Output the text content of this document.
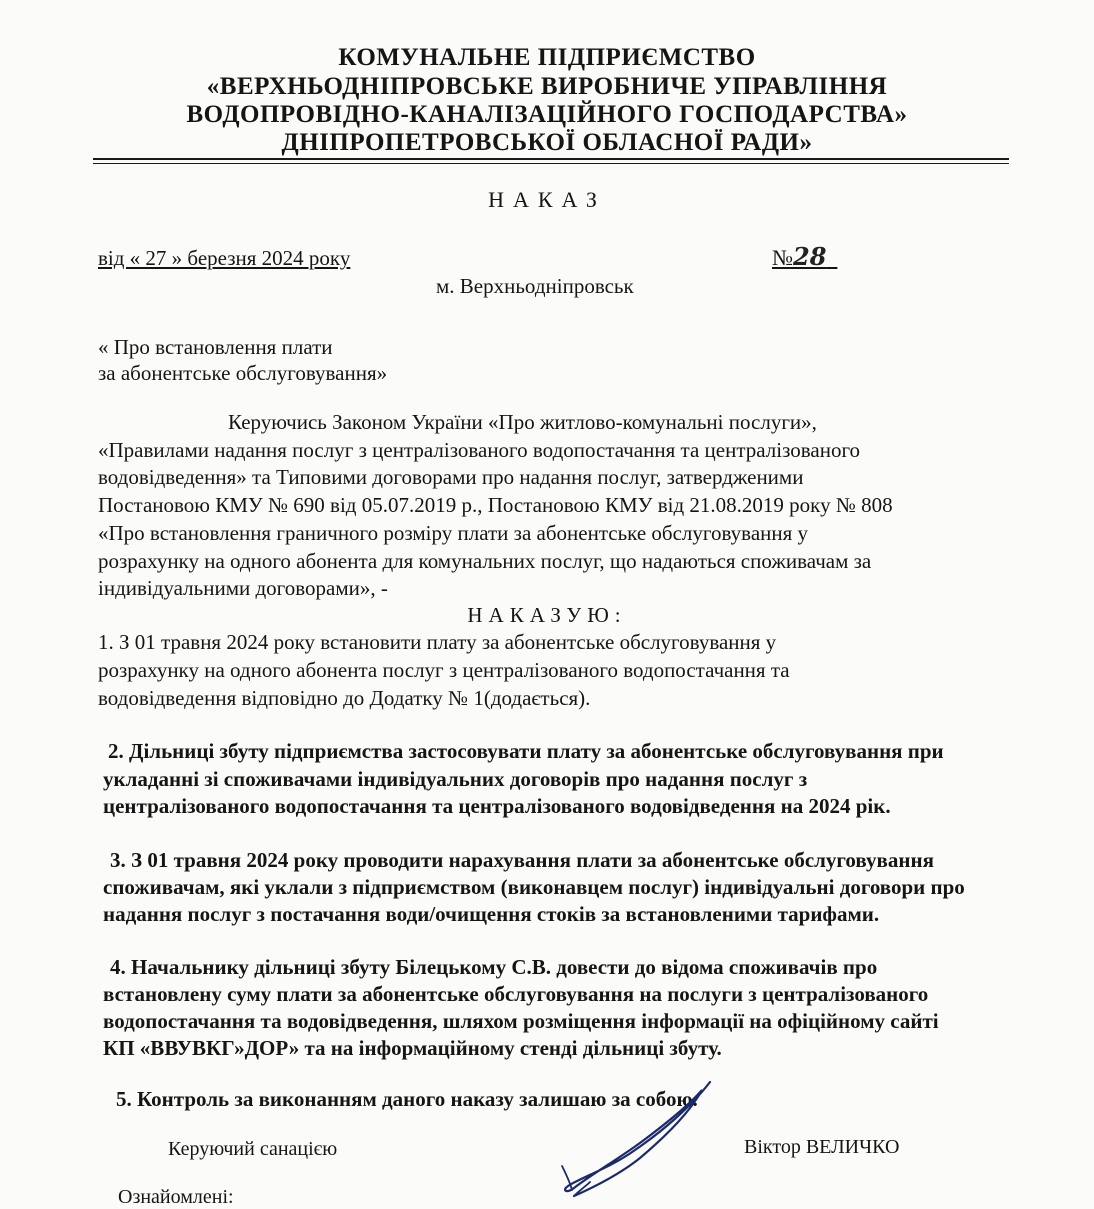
КОМУНАЛЬНЕ ПІДПРИЄМСТВО
«ВЕРХНЬОДНІПРОВСЬКЕ ВИРОБНИЧЕ УПРАВЛІННЯ
ВОДОПРОВІДНО-КАНАЛІЗАЦІЙНОГО ГОСПОДАРСТВА»
ДНІПРОПЕТРОВСЬКОЇ ОБЛАСНОЇ РАДИ»
НАКАЗ
від « 27 » березня 2024 року	№28
м. Верхньодніпровськ
« Про встановлення плати
за абонентське обслуговування»
Керуючись Законом України «Про житлово-комунальні послуги»,
«Правилами надання послуг з централізованого водопостачання та централізованого
водовідведення» та Типовими договорами про надання послуг, затвердженими
Постановою КМУ № 690 від 05.07.2019 р., Постановою КМУ від 21.08.2019 року № 808
«Про встановлення граничного розміру плати за абонентське обслуговування у
розрахунку на одного абонента для комунальних послуг, що надаються споживачам за
індивідуальними договорами», -
НАКАЗУЮ:
1. З 01 травня 2024 року встановити плату за абонентське обслуговування у
розрахунку на одного абонента послуг з централізованого водопостачання та
водовідведення відповідно до Додатку № 1(додається).
2. Дільниці збуту підприємства застосовувати плату за абонентське обслуговування при
укладанні зі споживачами індивідуальних договорів про надання послуг з
централізованого водопостачання та централізованого водовідведення на 2024 рік.
3. З 01 травня 2024 року проводити нарахування плати за абонентське обслуговування
споживачам, які уклали з підприємством (виконавцем послуг) індивідуальні договори про
надання послуг з постачання води/очищення стоків за встановленими тарифами.
4. Начальнику дільниці збуту Білецькому С.В. довести до відома споживачів про
встановлену суму плати за абонентське обслуговування на послуги з централізованого
водопостачання та водовідведення, шляхом розміщення інформації на офіційному сайті
КП «ВВУВКГ»ДОР» та на інформаційному стенді дільниці збуту.
5. Контроль за виконанням даного наказу залишаю за собою.
Керуючий санацією	Віктор ВЕЛИЧКО
Ознайомлені:
